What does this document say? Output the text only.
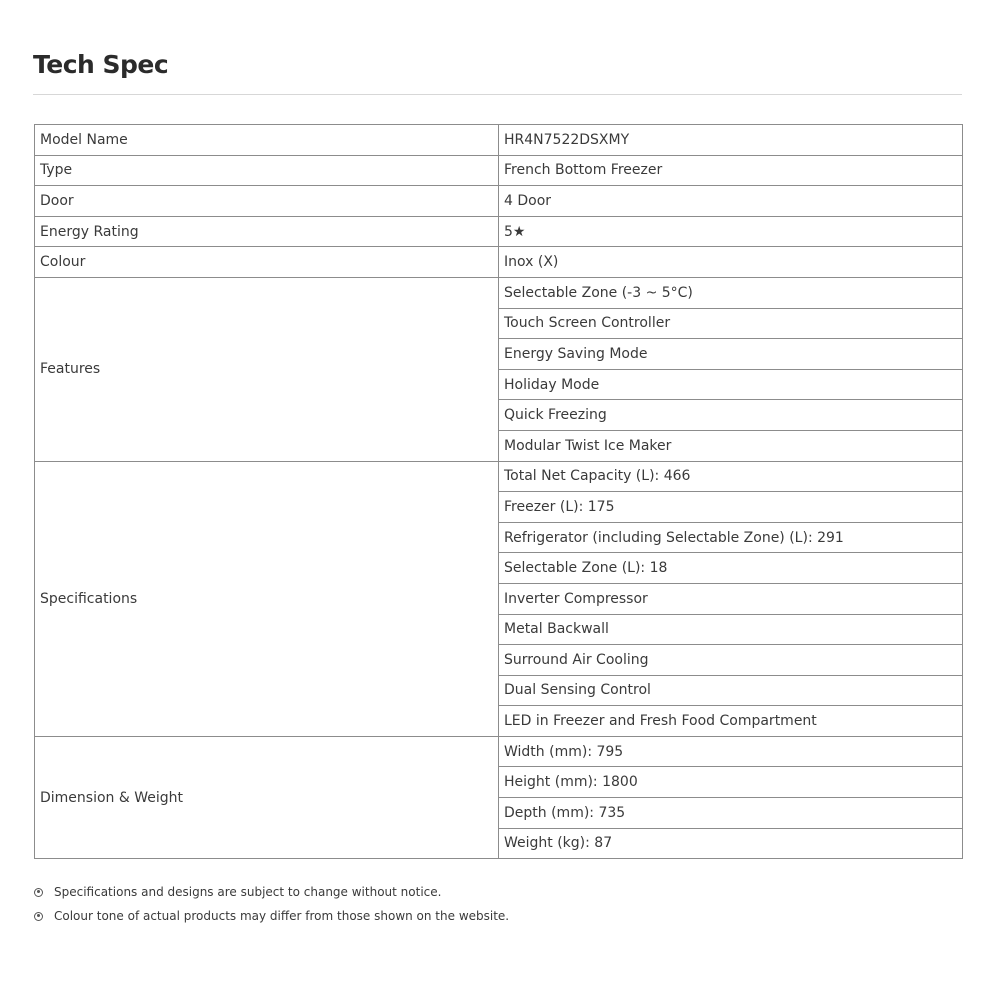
Tech Spec
Model Name	HR4N7522DSXMY
Type	French Bottom Freezer
Door	4 Door
Energy Rating	5★
Colour	Inox (X)
Features	Selectable Zone (-3 ~ 5°C)
	Touch Screen Controller
	Energy Saving Mode
	Holiday Mode
	Quick Freezing
	Modular Twist Ice Maker
Specifications	Total Net Capacity (L): 466
	Freezer (L): 175
	Refrigerator (including Selectable Zone) (L): 291
	Selectable Zone (L): 18
	Inverter Compressor
	Metal Backwall
	Surround Air Cooling
	Dual Sensing Control
	LED in Freezer and Fresh Food Compartment
Dimension & Weight	Width (mm): 795
	Height (mm): 1800
	Depth (mm): 735
	Weight (kg): 87
Specifications and designs are subject to change without notice.
Colour tone of actual products may differ from those shown on the website.
